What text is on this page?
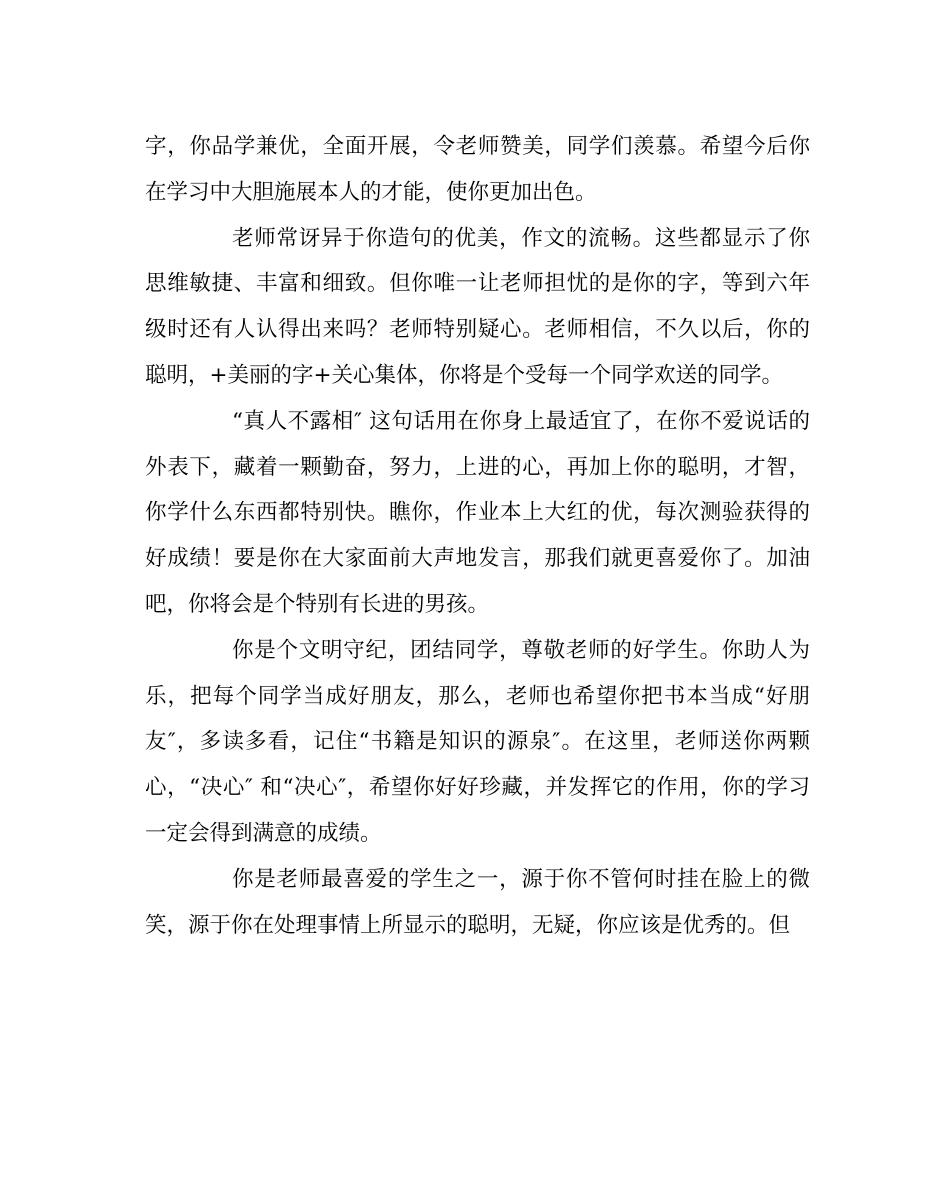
字，你品学兼优，全面开展，令老师赞美，同学们羡慕。希望今后你在学习中大胆施展本人的才能，使你更加出色。

老师常讶异于你造句的优美，作文的流畅。这些都显示了你思维敏捷、丰富和细致。但你唯一让老师担忧的是你的字，等到六年级时还有人认得出来吗？老师特别疑心。老师相信，不久以后，你的聪明，+美丽的字+关心集体，你将是个受每一个同学欢送的同学。

“真人不露相″ 这句话用在你身上最适宜了，在你不爱说话的外表下，藏着一颗勤奋，努力，上进的心，再加上你的聪明，才智，你学什么东西都特别快。瞧你，作业本上大红的优，每次测验获得的好成绩！要是你在大家面前大声地发言，那我们就更喜爱你了。加油吧，你将会是个特别有长进的男孩。

你是个文明守纪，团结同学，尊敬老师的好学生。你助人为乐，把每个同学当成好朋友，那么，老师也希望你把书本当成“好朋友″，多读多看，记住“书籍是知识的源泉″。在这里，老师送你两颗心，“决心″ 和“决心″，希望你好好珍藏，并发挥它的作用，你的学习一定会得到满意的成绩。

你是老师最喜爱的学生之一，源于你不管何时挂在脸上的微笑，源于你在处理事情上所显示的聪明，无疑，你应该是优秀的。但
